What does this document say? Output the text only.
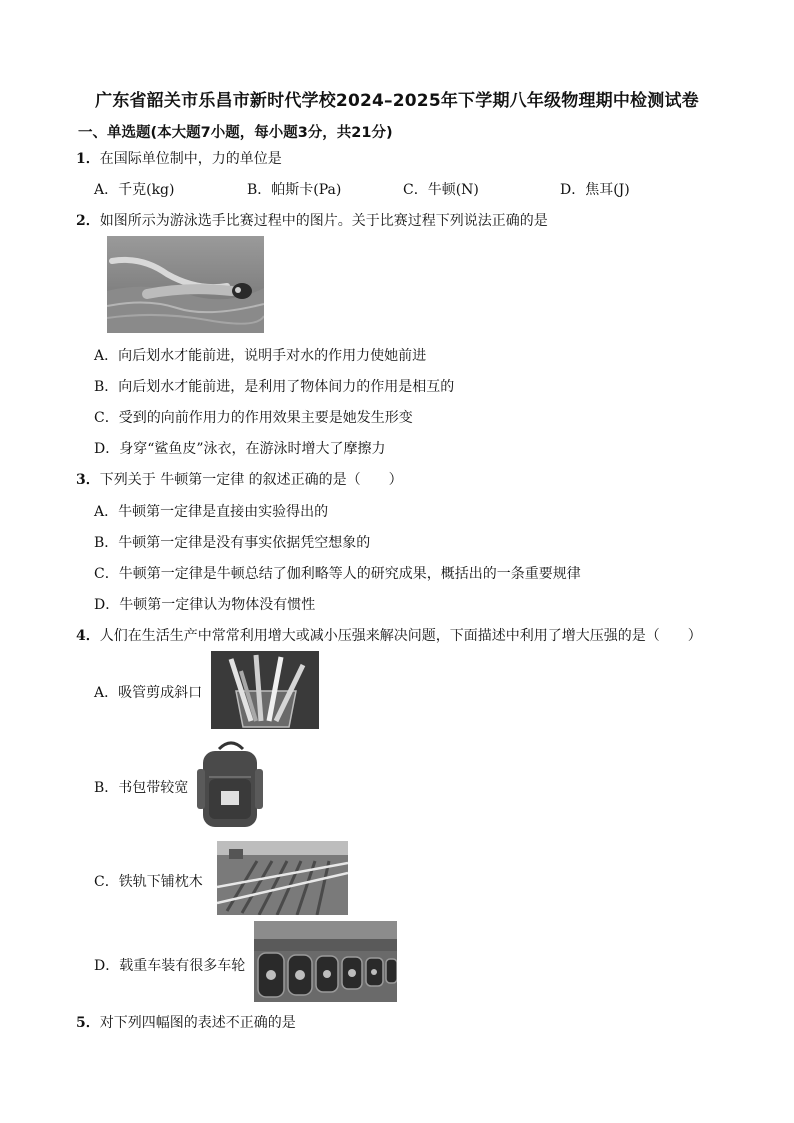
广东省韶关市乐昌市新时代学校2024–2025年下学期八年级物理期中检测试卷
一、单选题(本大题7小题，每小题3分，共21分)
1．在国际单位制中，力的单位是
A．千克(kg)	B．帕斯卡(Pa)	C．牛顿(N)	D．焦耳(J)
2．如图所示为游泳选手比赛过程中的图片。关于比赛过程下列说法正确的是
A．向后划水才能前进，说明手对水的作用力使她前进
B．向后划水才能前进，是利用了物体间力的作用是相互的
C．受到的向前作用力的作用效果主要是她发生形变
D．身穿“鲨鱼皮”泳衣，在游泳时增大了摩擦力
3．下列关于 牛顿第一定律 的叙述正确的是（　　）
A．牛顿第一定律是直接由实验得出的
B．牛顿第一定律是没有事实依据凭空想象的
C．牛顿第一定律是牛顿总结了伽利略等人的研究成果，概括出的一条重要规律
D．牛顿第一定律认为物体没有惯性
4．人们在生活生产中常常利用增大或减小压强来解决问题，下面描述中利用了增大压强的是（　　）
A．吸管剪成斜口
B．书包带较宽
C．铁轨下铺枕木
D．载重车装有很多车轮
5．对下列四幅图的表述不正确的是
